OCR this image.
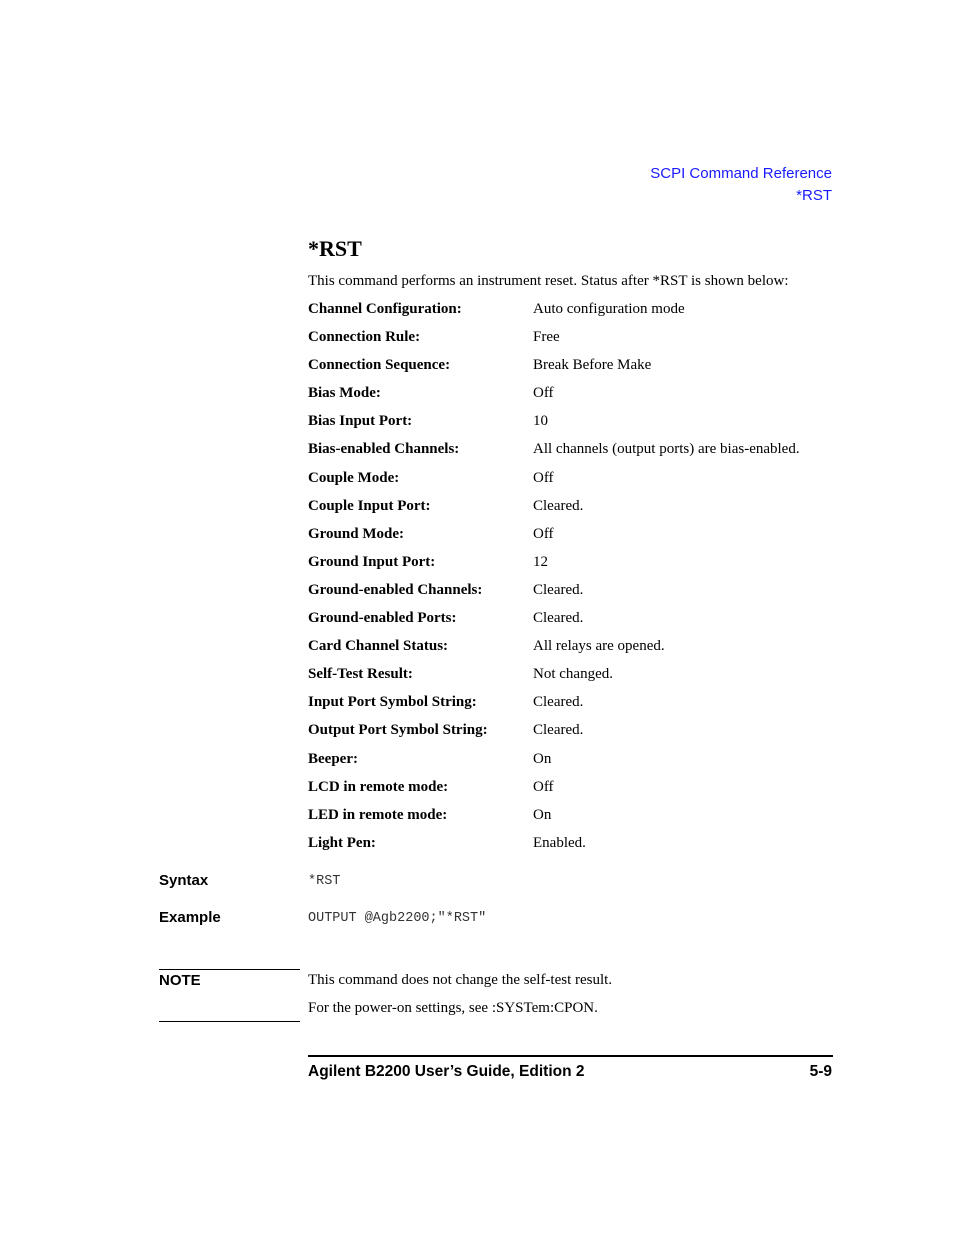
SCPI Command Reference
*RST
*RST
This command performs an instrument reset. Status after *RST is shown below:
Channel Configuration:	Auto configuration mode
Connection Rule:	Free
Connection Sequence:	Break Before Make
Bias Mode:	Off
Bias Input Port:	10
Bias-enabled Channels:	All channels (output ports) are bias-enabled.
Couple Mode:	Off
Couple Input Port:	Cleared.
Ground Mode:	Off
Ground Input Port:	12
Ground-enabled Channels:	Cleared.
Ground-enabled Ports:	Cleared.
Card Channel Status:	All relays are opened.
Self-Test Result:	Not changed.
Input Port Symbol String:	Cleared.
Output Port Symbol String:	Cleared.
Beeper:	On
LCD in remote mode:	Off
LED in remote mode:	On
Light Pen:	Enabled.
Syntax	*RST
Example	OUTPUT @Agb2200;"*RST"
NOTE	This command does not change the self-test result.
For the power-on settings, see :SYSTem:CPON.
Agilent B2200 User’s Guide, Edition 2	5-9
